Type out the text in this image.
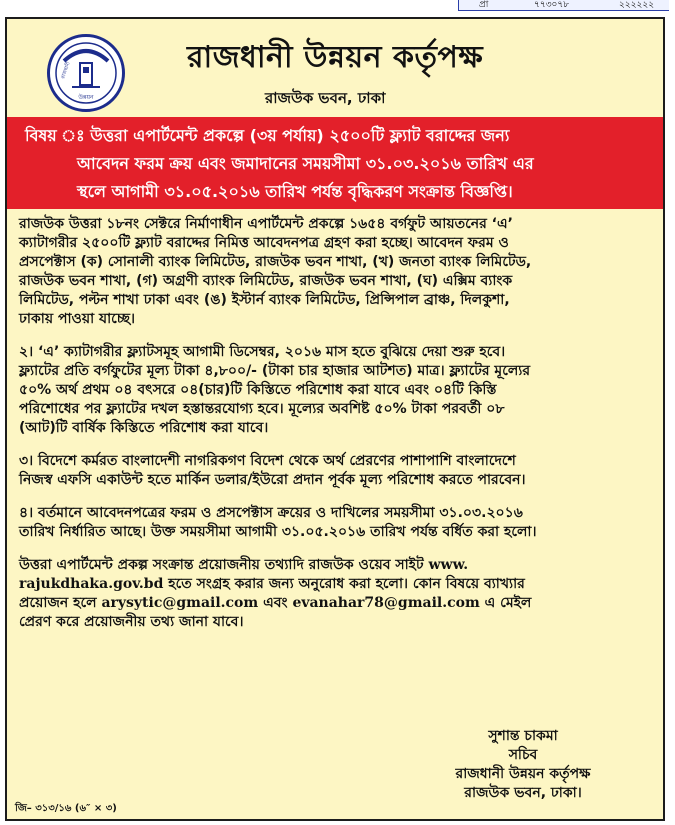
প্রা	৭৭৩০৭৮	২২২২২২
উন্নয়ন
রাজধানী	রাজধানী উন্নয়ন কর্তৃপক্ষ
রাজউক ভবন, ঢাকা
বিষয় ঃ উত্তরা এপার্টমেন্ট প্রকল্পে (৩য় পর্যায়) ২৫০০টি ফ্ল্যাট বরাদ্দের জন্য
আবেদন ফরম ক্রয় এবং জমাদানের সময়সীমা ৩১.০৩.২০১৬ তারিখ এর
স্থলে আগামী ৩১.০৫.২০১৬ তারিখ পর্যন্ত বৃদ্ধিকরণ সংক্রান্ত বিজ্ঞপ্তি।
রাজউক উত্তরা ১৮নং সেক্টরে নির্মাণাধীন এপার্টমেন্ট প্রকল্পে ১৬৫৪ বর্গফুট আয়তনের ‘এ’
ক্যাটাগরীর ২৫০০টি ফ্ল্যাট বরাদ্দের নিমিত্ত আবেদনপত্র গ্রহণ করা হচ্ছে। আবেদন ফরম ও
প্রসপেক্টাস (ক) সোনালী ব্যাংক লিমিটেড, রাজউক ভবন শাখা, (খ) জনতা ব্যাংক লিমিটেড,
রাজউক ভবন শাখা, (গ) অগ্রণী ব্যাংক লিমিটেড, রাজউক ভবন শাখা, (ঘ) এক্সিম ব্যাংক
লিমিটেড, পল্টন শাখা ঢাকা এবং (ঙ) ইস্টার্ন ব্যাংক লিমিটেড, প্রিন্সিপাল ব্রাঞ্চ, দিলকুশা,
ঢাকায় পাওয়া যাচ্ছে।
২। ‘এ’ ক্যাটাগরীর ফ্ল্যাটসমূহ আগামী ডিসেম্বর, ২০১৬ মাস হতে বুঝিয়ে দেয়া শুরু হবে।
ফ্ল্যাটের প্রতি বর্গফুটের মূল্য টাকা ৪,৮০০/- (টাকা চার হাজার আটশত) মাত্র। ফ্ল্যাটের মূল্যের
৫০% অর্থ প্রথম ০৪ বৎসরে ০৪(চার)টি কিস্তিতে পরিশোধ করা যাবে এবং ০৪টি কিস্তি
পরিশোধের পর ফ্ল্যাটের দখল হস্তান্তরযোগ্য হবে। মূল্যের অবশিষ্ট ৫০% টাকা পরবর্তী ০৮
(আট)টি বার্ষিক কিস্তিতে পরিশোধ করা যাবে।
৩। বিদেশে কর্মরত বাংলাদেশী নাগরিকগণ বিদেশ থেকে অর্থ প্রেরণের পাশাপাশি বাংলাদেশে
নিজস্ব এফসি একাউন্ট হতে মার্কিন ডলার/ইউরো প্রদান পূর্বক মূল্য পরিশোধ করতে পারবেন।
৪। বর্তমানে আবেদনপত্রের ফরম ও প্রসপেক্টাস ক্রয়ের ও দাখিলের সময়সীমা ৩১.০৩.২০১৬
তারিখ নির্ধারিত আছে। উক্ত সময়সীমা আগামী ৩১.০৫.২০১৬ তারিখ পর্যন্ত বর্ধিত করা হলো।
উত্তরা এপার্টমেন্ট প্রকল্প সংক্রান্ত প্রয়োজনীয় তথ্যাদি রাজউক ওয়েব সাইট www.
rajukdhaka.gov.bd হতে সংগ্রহ করার জন্য অনুরোধ করা হলো। কোন বিষয়ে ব্যাখ্যার
প্রয়োজন হলে arysytic@gmail.com এবং evanahar78@gmail.com এ মেইল
প্রেরণ করে প্রয়োজনীয় তথ্য জানা যাবে।
সুশান্ত চাকমা
সচিব
রাজধানী উন্নয়ন কর্তৃপক্ষ
রাজউক ভবন, ঢাকা।
জি– ৩১৩/১৬ (৬″ × ৩)
